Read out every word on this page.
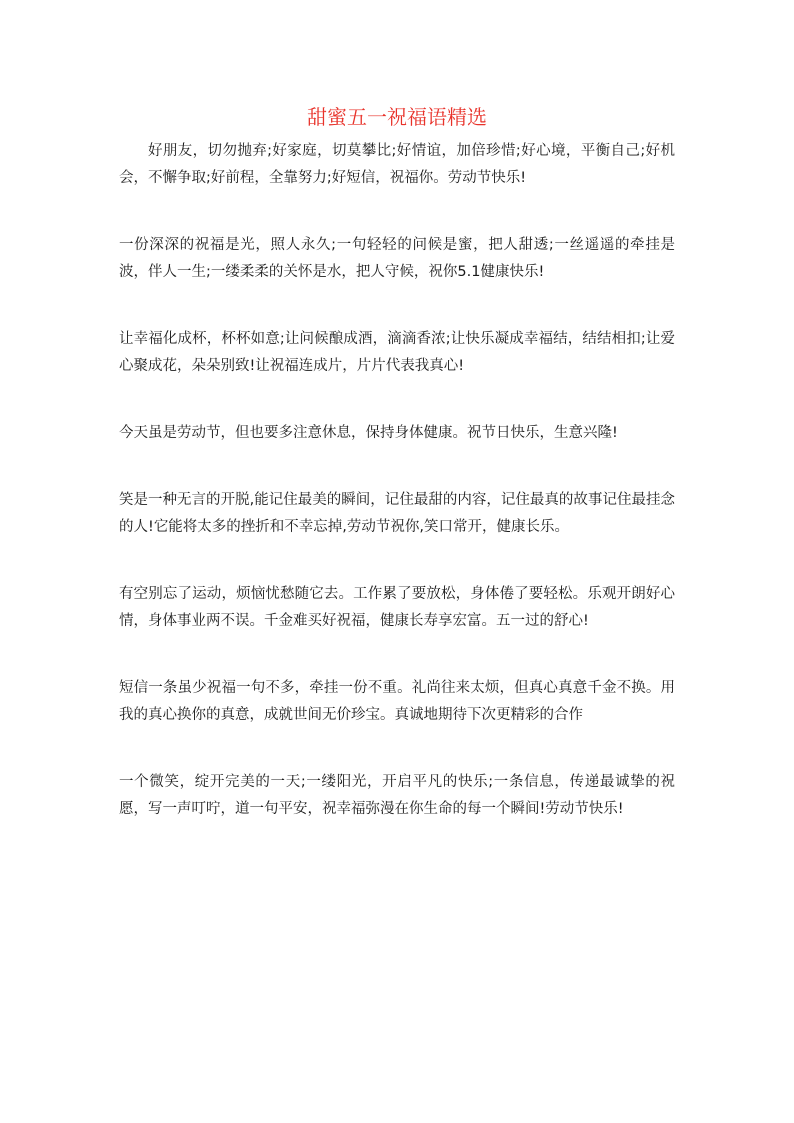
甜蜜五一祝福语精选

好朋友，切勿抛弃;好家庭，切莫攀比;好情谊，加倍珍惜;好心境，平衡自己;好机会，不懈争取;好前程，全靠努力;好短信，祝福你。劳动节快乐!

一份深深的祝福是光，照人永久;一句轻轻的问候是蜜，把人甜透;一丝遥遥的牵挂是波，伴人一生;一缕柔柔的关怀是水，把人守候，祝你5.1健康快乐!

让幸福化成杯，杯杯如意;让问候酿成酒，滴滴香浓;让快乐凝成幸福结，结结相扣;让爱心聚成花，朵朵别致!让祝福连成片，片片代表我真心!

今天虽是劳动节，但也要多注意休息，保持身体健康。祝节日快乐，生意兴隆!

笑是一种无言的开脱,能记住最美的瞬间，记住最甜的内容，记住最真的故事记住最挂念的人!它能将太多的挫折和不幸忘掉,劳动节祝你,笑口常开，健康长乐。

有空别忘了运动，烦恼忧愁随它去。工作累了要放松，身体倦了要轻松。乐观开朗好心情，身体事业两不误。千金难买好祝福，健康长寿享宏富。五一过的舒心!

短信一条虽少祝福一句不多，牵挂一份不重。礼尚往来太烦，但真心真意千金不换。用我的真心换你的真意，成就世间无价珍宝。真诚地期待下次更精彩的合作

一个微笑，绽开完美的一天;一缕阳光，开启平凡的快乐;一条信息，传递最诚挚的祝愿，写一声叮咛，道一句平安，祝幸福弥漫在你生命的每一个瞬间!劳动节快乐!
